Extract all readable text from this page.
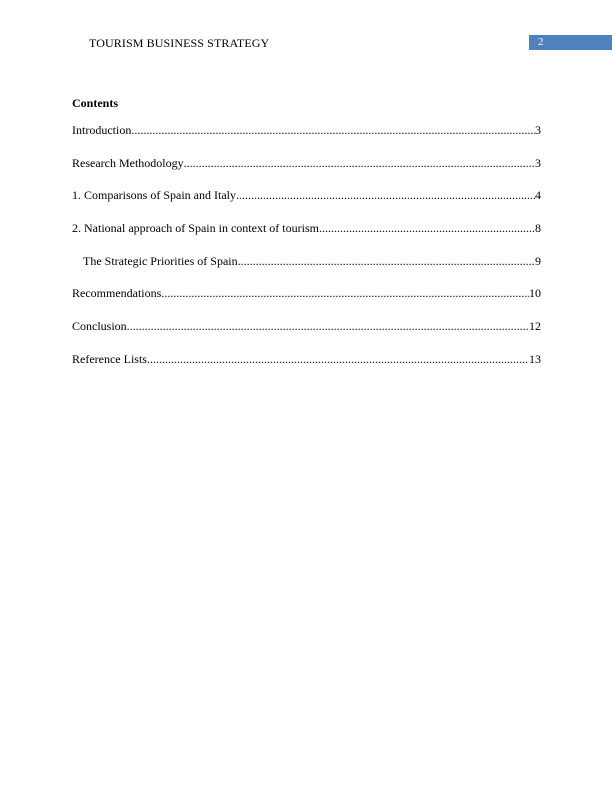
TOURISM BUSINESS STRATEGY	2
Contents
Introduction .....	3
Research Methodology .....	3
1. Comparisons of Spain and Italy .....	4
2. National approach of Spain in context of tourism .....	8
The Strategic Priorities of Spain .....	9
Recommendations .....	10
Conclusion .....	12
Reference Lists .....	13
